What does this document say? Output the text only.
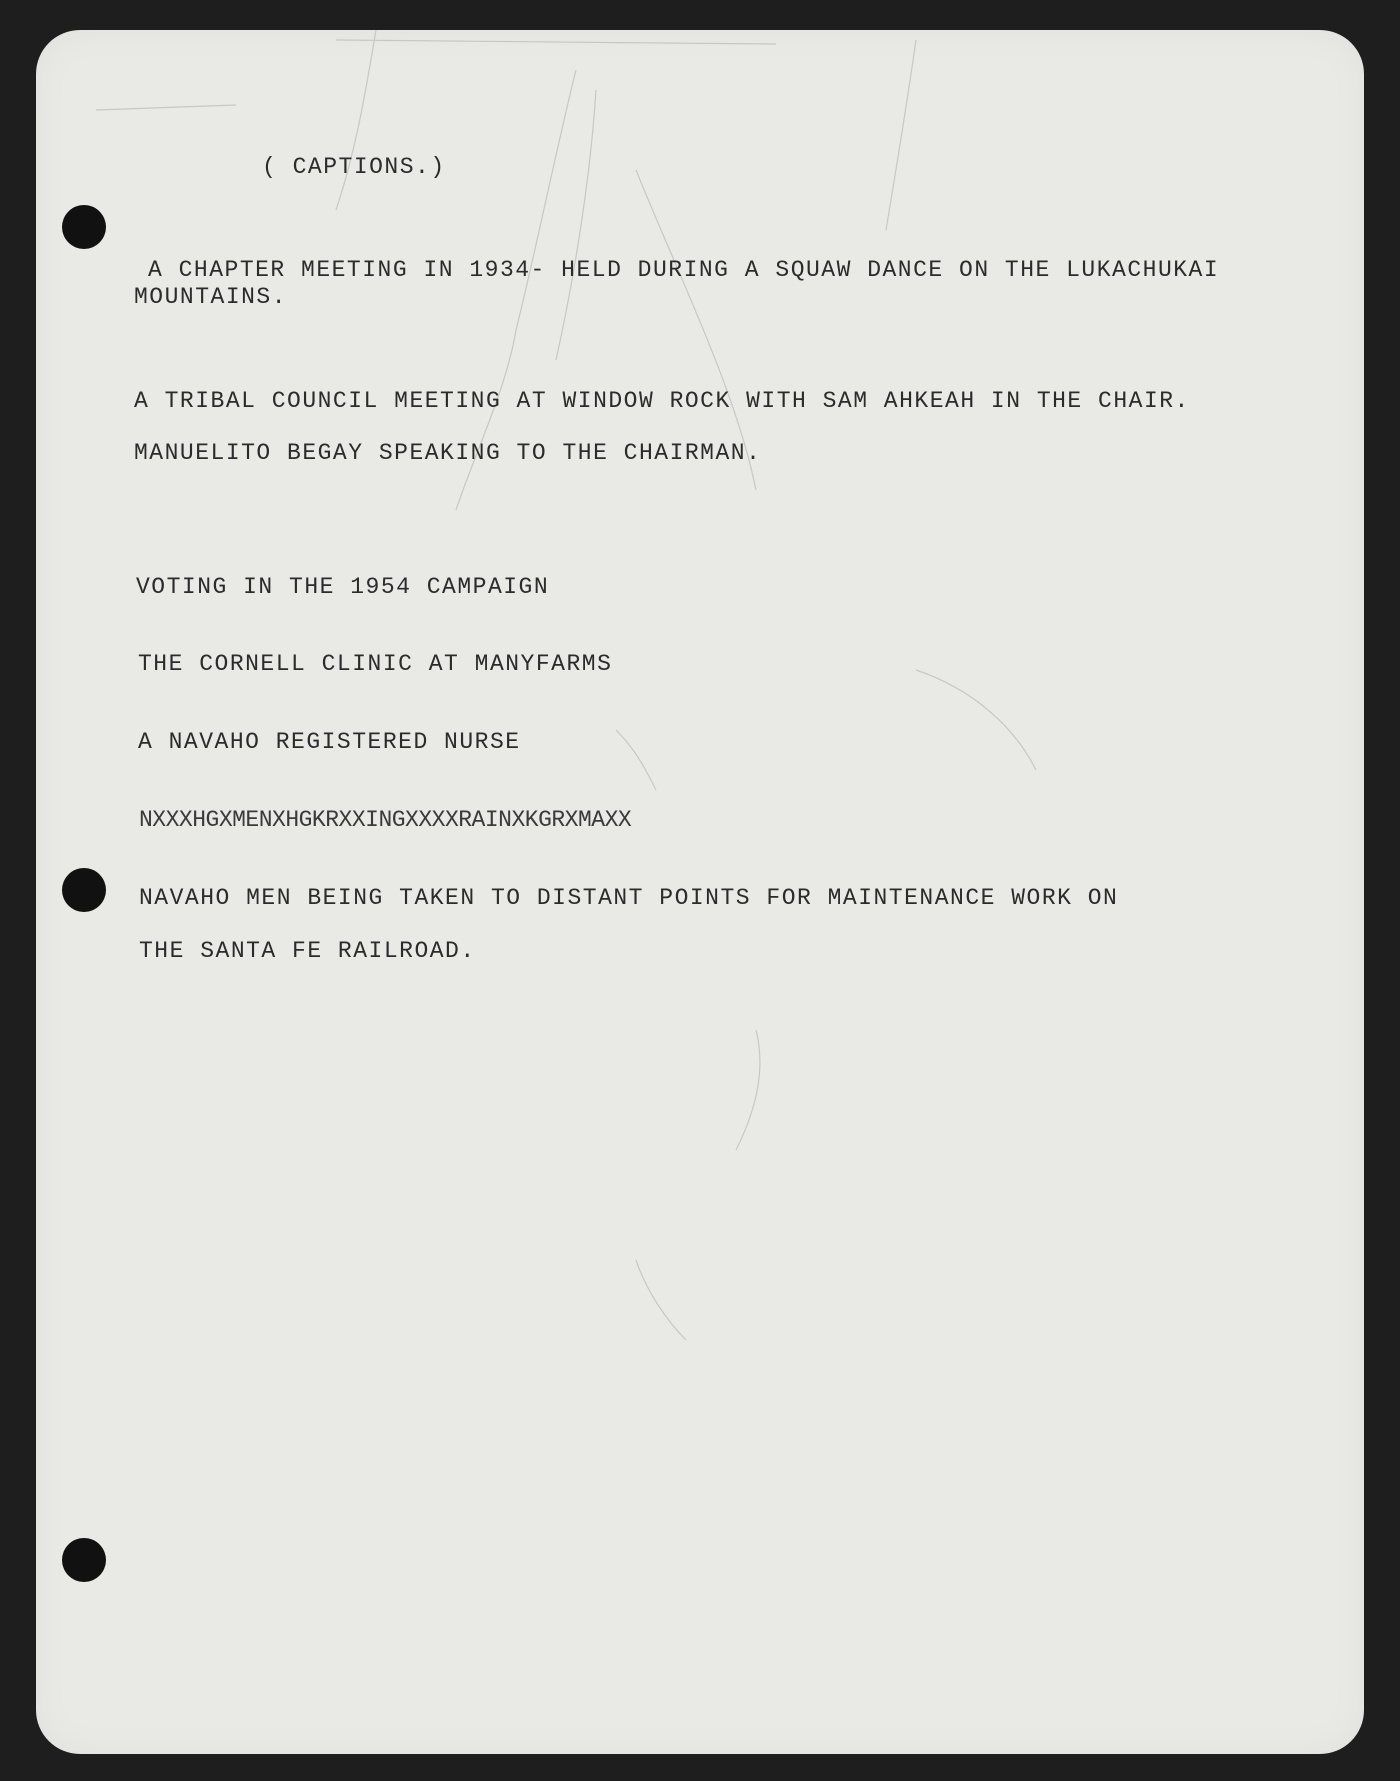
( CAPTIONS.)
A CHAPTER MEETING IN 1934- HELD DURING A SQUAW DANCE ON THE LUKACHUKAI
MOUNTAINS.
A TRIBAL COUNCIL MEETING AT WINDOW ROCK WITH SAM AHKEAH IN THE CHAIR.
MANUELITO BEGAY SPEAKING TO THE CHAIRMAN.
VOTING IN THE 1954 CAMPAIGN
THE CORNELL CLINIC AT MANYFARMS
A NAVAHO REGISTERED NURSE
NXXXHGXMENXHGKRXXINGXXXXRAINXKGRXMAXX
NAVAHO MEN BEING TAKEN TO DISTANT POINTS FOR MAINTENANCE WORK ON
THE SANTA FE RAILROAD.
